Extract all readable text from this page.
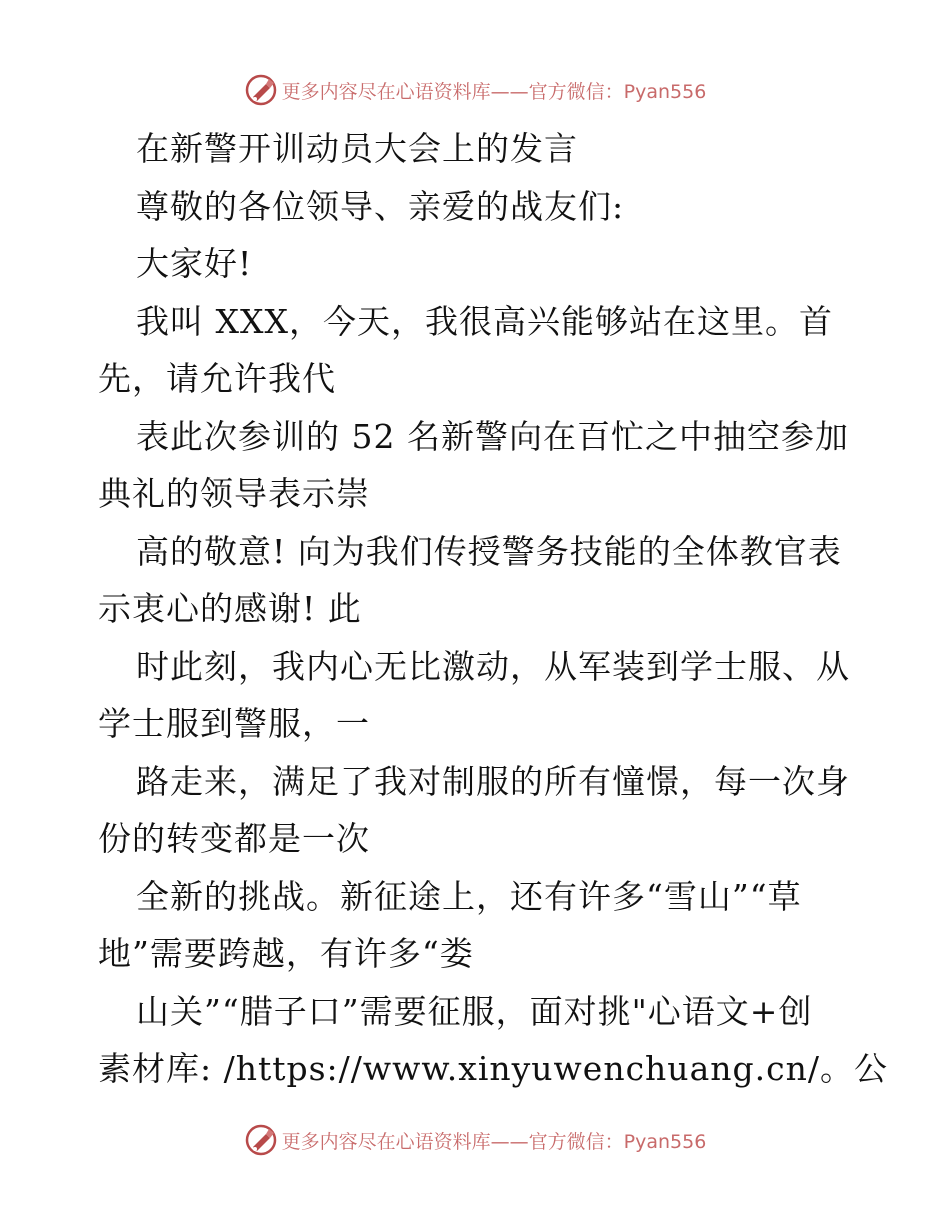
更多内容尽在心语资料库——官方微信：Pyan556
在新警开训动员大会上的发言
尊敬的各位领导、亲爱的战友们:
大家好!
我叫 XXX，今天，我很高兴能够站在这里。首
先，请允许我代
表此次参训的 52 名新警向在百忙之中抽空参加
典礼的领导表示崇
高的敬意! 向为我们传授警务技能的全体教官表
示衷心的感谢! 此
时此刻，我内心无比激动，从军装到学士服、从
学士服到警服，一
路走来，满足了我对制服的所有憧憬，每一次身
份的转变都是一次
全新的挑战。新征途上，还有许多“雪山”“草
地”需要跨越，有许多“娄
山关”“腊子口”需要征服，面对挑"心语文+创
素材库: /https://www.xinyuwenchuang.cn/。公
更多内容尽在心语资料库——官方微信：Pyan556
